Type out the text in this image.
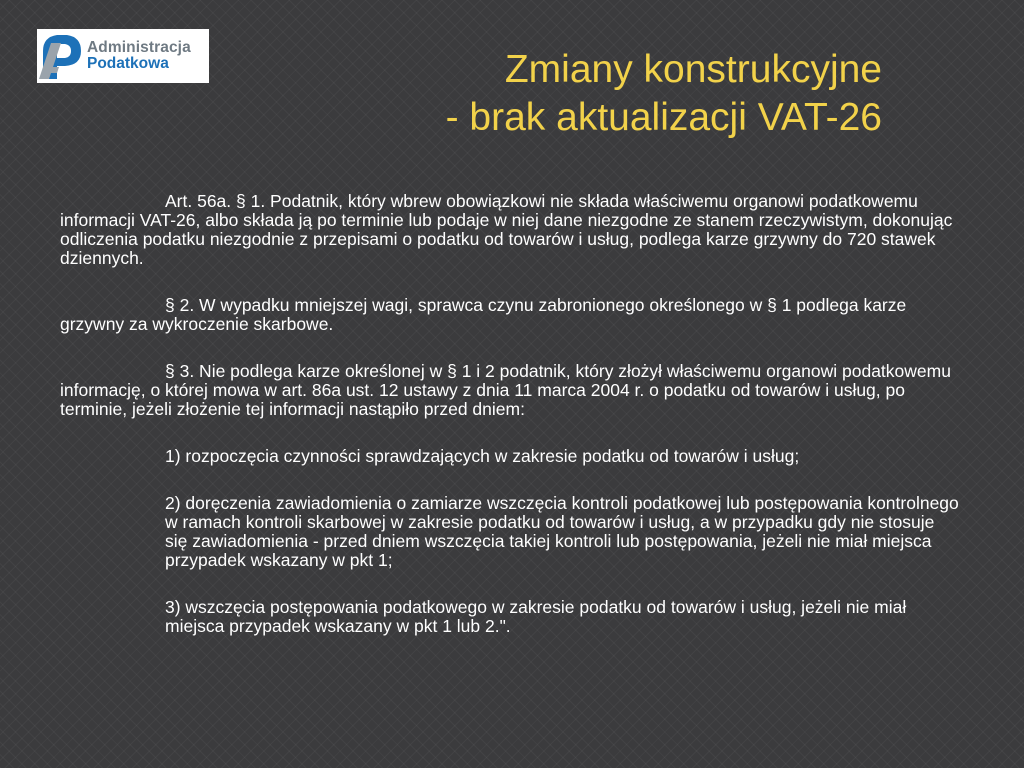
Administracja
Podatkowa	Zmiany konstrukcyjne
- brak aktualizacji VAT-26

Art. 56a. § 1. Podatnik, który wbrew obowiązkowi nie składa właściwemu organowi podatkowemu informacji VAT-26, albo składa ją po terminie lub podaje w niej dane niezgodne ze stanem rzeczywistym, dokonując odliczenia podatku niezgodnie z przepisami o podatku od towarów i usług, podlega karze grzywny do 720 stawek dziennych.

§ 2. W wypadku mniejszej wagi, sprawca czynu zabronionego określonego w § 1 podlega karze grzywny za wykroczenie skarbowe.

§ 3. Nie podlega karze określonej w § 1 i 2 podatnik, który złożył właściwemu organowi podatkowemu informację, o której mowa w art. 86a ust. 12 ustawy z dnia 11 marca 2004 r. o podatku od towarów i usług, po terminie, jeżeli złożenie tej informacji nastąpiło przed dniem:

1) rozpoczęcia czynności sprawdzających w zakresie podatku od towarów i usług;

2) doręczenia zawiadomienia o zamiarze wszczęcia kontroli podatkowej lub postępowania kontrolnego w ramach kontroli skarbowej w zakresie podatku od towarów i usług, a w przypadku gdy nie stosuje się zawiadomienia - przed dniem wszczęcia takiej kontroli lub postępowania, jeżeli nie miał miejsca przypadek wskazany w pkt 1;

3) wszczęcia postępowania podatkowego w zakresie podatku od towarów i usług, jeżeli nie miał miejsca przypadek wskazany w pkt 1 lub 2.".
